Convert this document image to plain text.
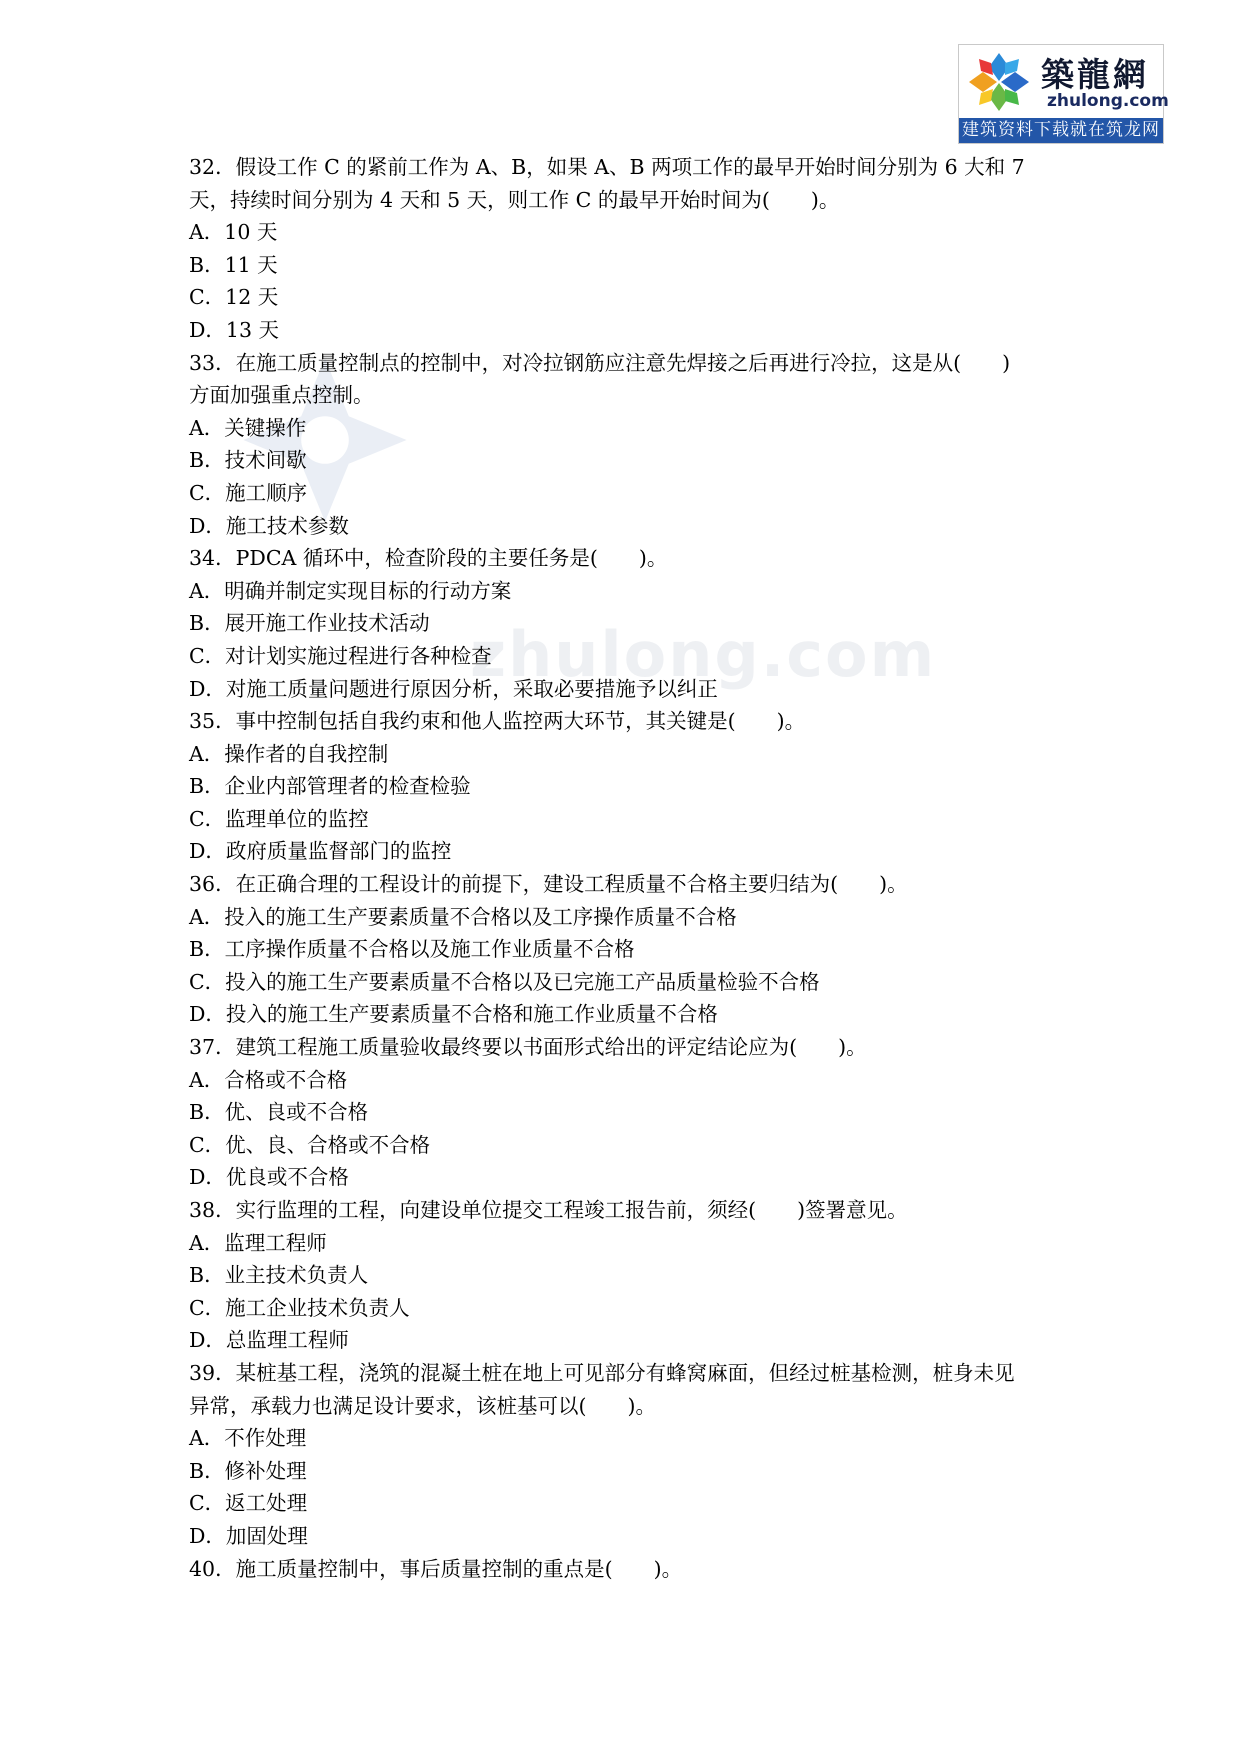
zhulong.com
築龍網
zhulong.com
建筑资料下载就在筑龙网
32．假设工作 C 的紧前工作为 A、B，如果 A、B 两项工作的最早开始时间分别为 6 大和 7
天，持续时间分别为 4 天和 5 天，则工作 C 的最早开始时间为(　　)。
A．10 天
B．11 天
C．12 天
D．13 天
33．在施工质量控制点的控制中，对冷拉钢筋应注意先焊接之后再进行冷拉，这是从(　　)
方面加强重点控制。
A．关键操作
B．技术间歇
C．施工顺序
D．施工技术参数
34．PDCA 循环中，检查阶段的主要任务是(　　)。
A．明确并制定实现目标的行动方案
B．展开施工作业技术活动
C．对计划实施过程进行各种检查
D．对施工质量问题进行原因分析，采取必要措施予以纠正
35．事中控制包括自我约束和他人监控两大环节，其关键是(　　)。
A．操作者的自我控制
B．企业内部管理者的检查检验
C．监理单位的监控
D．政府质量监督部门的监控
36．在正确合理的工程设计的前提下，建设工程质量不合格主要归结为(　　)。
A．投入的施工生产要素质量不合格以及工序操作质量不合格
B．工序操作质量不合格以及施工作业质量不合格
C．投入的施工生产要素质量不合格以及已完施工产品质量检验不合格
D．投入的施工生产要素质量不合格和施工作业质量不合格
37．建筑工程施工质量验收最终要以书面形式给出的评定结论应为(　　)。
A．合格或不合格
B．优、良或不合格
C．优、良、合格或不合格
D．优良或不合格
38．实行监理的工程，向建设单位提交工程竣工报告前，须经(　　)签署意见。
A．监理工程师
B．业主技术负责人
C．施工企业技术负责人
D．总监理工程师
39．某桩基工程，浇筑的混凝土桩在地上可见部分有蜂窝麻面，但经过桩基检测，桩身未见
异常，承载力也满足设计要求，该桩基可以(　　)。
A．不作处理
B．修补处理
C．返工处理
D．加固处理
40．施工质量控制中，事后质量控制的重点是(　　)。
